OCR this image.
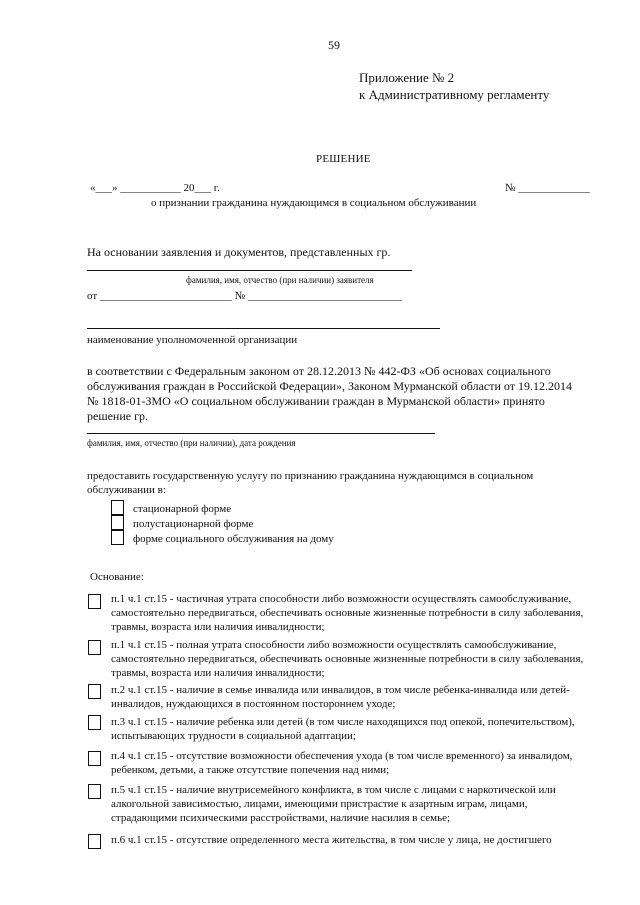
59
Приложение № 2
к Административному регламенту
РЕШЕНИЕ
«___» ___________ 20___ г.	№ _____________
о признании гражданина нуждающимся в социальном обслуживании
На основании заявления и документов, представленных гр.
фамилия, имя, отчество (при наличии) заявителя
от ________________________ № ____________________________
наименование уполномоченной организации
в соответствии с Федеральным законом от 28.12.2013 № 442-ФЗ «Об основах социального обслуживания граждан в Российской Федерации», Законом Мурманской области от 19.12.2014 № 1818-01-ЗМО «О социальном обслуживании граждан в Мурманской области» принято решение гр.
фамилия, имя, отчество (при наличии), дата рождения
предоставить государственную услугу по признанию гражданина нуждающимся в социальном обслуживании в:
стационарной форме
полустационарной форме
форме социального обслуживания на дому
Основание:
п.1 ч.1 ст.15 - частичная утрата способности либо возможности осуществлять самообслуживание, самостоятельно передвигаться, обеспечивать основные жизненные потребности в силу заболевания, травмы, возраста или наличия инвалидности;
п.1 ч.1 ст.15 - полная утрата способности либо возможности осуществлять самообслуживание, самостоятельно передвигаться, обеспечивать основные жизненные потребности в силу заболевания, травмы, возраста или наличия инвалидности;
п.2 ч.1 ст.15 - наличие в семье инвалида или инвалидов, в том числе ребенка-инвалида или детей-инвалидов, нуждающихся в постоянном постороннем уходе;
п.3 ч.1 ст.15 - наличие ребенка или детей (в том числе находящихся под опекой, попечительством), испытывающих трудности в социальной адаптации;
п.4 ч.1 ст.15 - отсутствие возможности обеспечения ухода (в том числе временного) за инвалидом, ребенком, детьми, а также отсутствие попечения над ними;
п.5 ч.1 ст.15 - наличие внутрисемейного конфликта, в том числе с лицами с наркотической или алкогольной зависимостью, лицами, имеющими пристрастие к азартным играм, лицами, страдающими психическими расстройствами, наличие насилия в семье;
п.6 ч.1 ст.15 - отсутствие определенного места жительства, в том числе у лица, не достигшего
